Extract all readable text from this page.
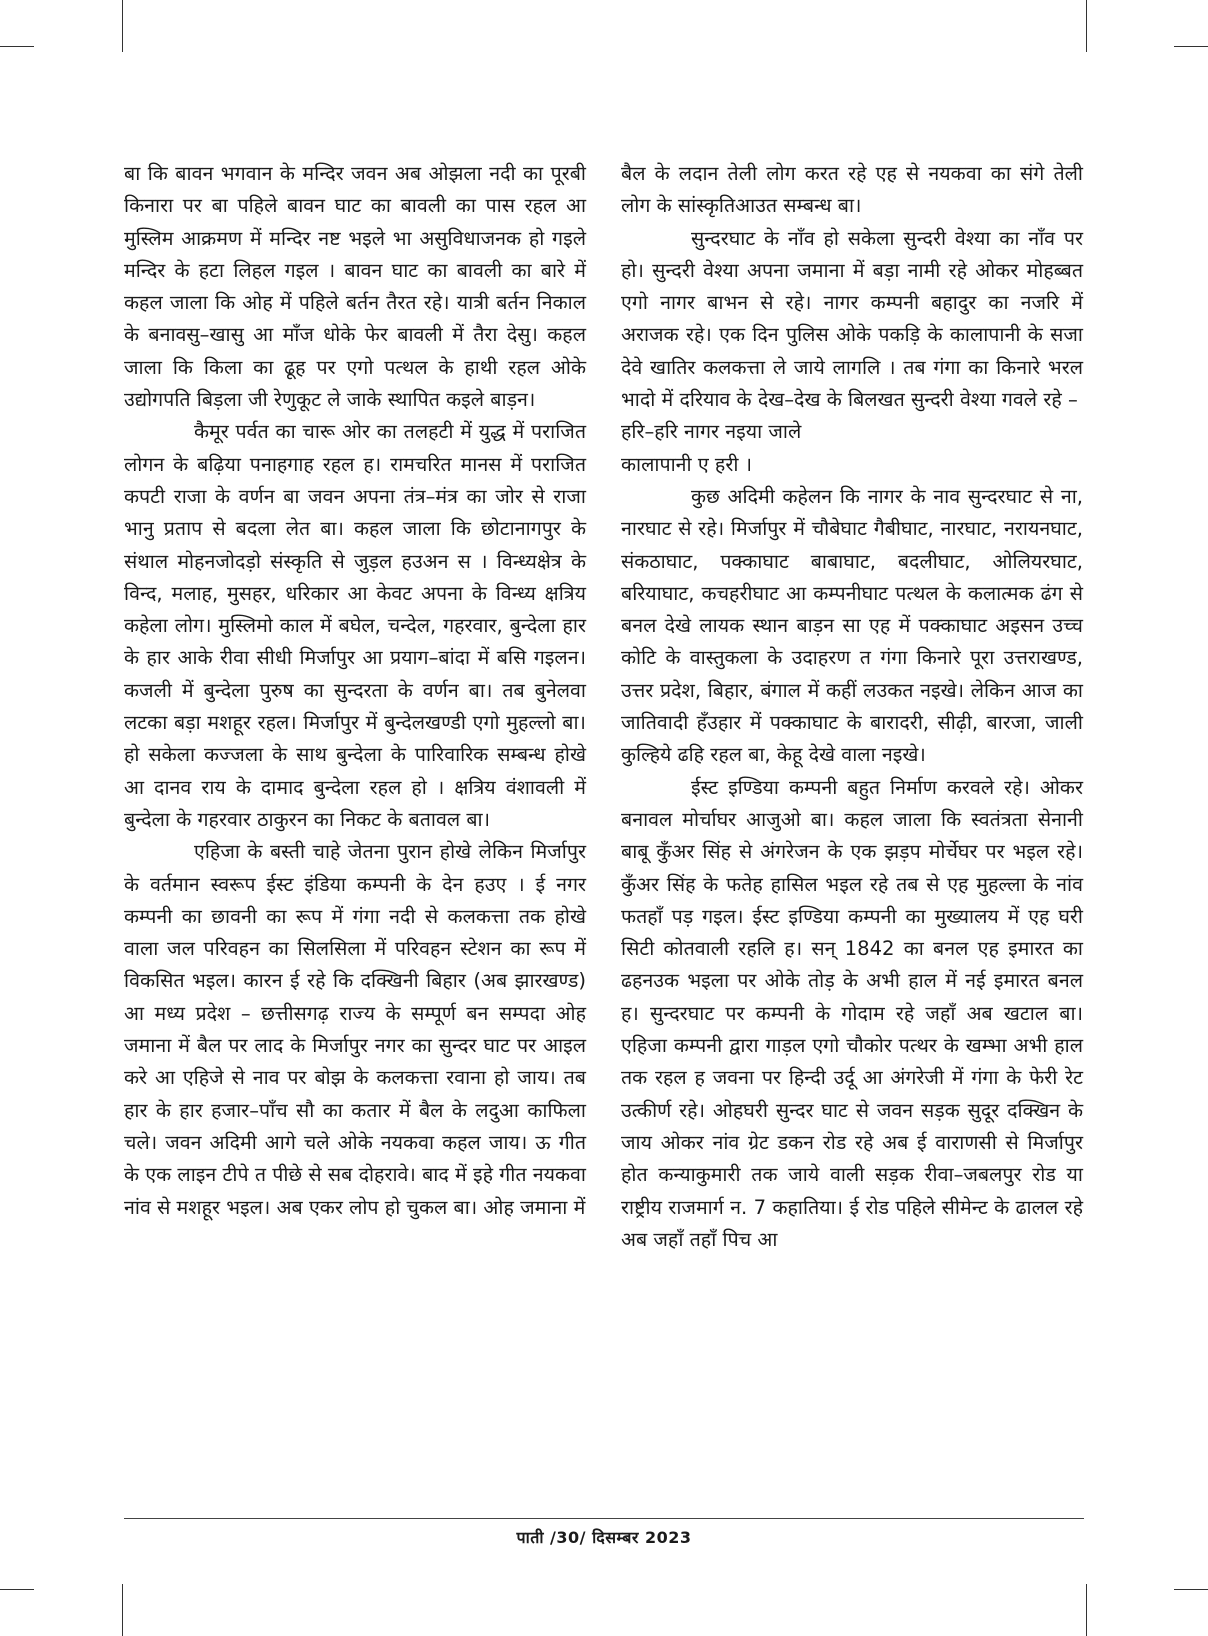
बा कि बावन भगवान के मन्दिर जवन अब ओझला नदी का पूरबी किनारा पर बा पहिले बावन घाट का बावली का पास रहल आ मुस्लिम आक्रमण में मन्दिर नष्ट भइले भा असुविधाजनक हो गइले मन्दिर के हटा लिहल गइल । बावन घाट का बावली का बारे में कहल जाला कि ओह में पहिले बर्तन तैरत रहे। यात्री बर्तन निकाल के बनावसु–खासु आ माँज धोके फेर बावली में तैरा देसु। कहल जाला कि किला का ढूह पर एगो पत्थल के हाथी रहल ओके उद्योगपति बिड़ला जी रेणुकूट ले जाके स्थापित कइले बाड़न।

कैमूर पर्वत का चारू ओर का तलहटी में युद्ध में पराजित लोगन के बढ़िया पनाहगाह रहल ह। रामचरित मानस में पराजित कपटी राजा के वर्णन बा जवन अपना तंत्र–मंत्र का जोर से राजा भानु प्रताप से बदला लेत बा। कहल जाला कि छोटानागपुर के संथाल मोहनजोदड़ो संस्कृति से जुड़ल हउअन स । विन्ध्यक्षेत्र के विन्द, मलाह, मुसहर, धरिकार आ केवट अपना के विन्ध्य क्षत्रिय कहेला लोग। मुस्लिमो काल में बघेल, चन्देल, गहरवार, बुन्देला हार के हार आके रीवा सीधी मिर्जापुर आ प्रयाग–बांदा में बसि गइलन। कजली में बुन्देला पुरुष का सुन्दरता के वर्णन बा। तब बुनेलवा लटका बड़ा मशहूर रहल। मिर्जापुर में बुन्देलखण्डी एगो मुहल्लो बा। हो सकेला कज्जला के साथ बुन्देला के पारिवारिक सम्बन्ध होखे आ दानव राय के दामाद बुन्देला रहल हो । क्षत्रिय वंशावली में बुन्देला के गहरवार ठाकुरन का निकट के बतावल बा।

एहिजा के बस्ती चाहे जेतना पुरान होखे लेकिन मिर्जापुर के वर्तमान स्वरूप ईस्ट इंडिया कम्पनी के देन हउए । ई नगर कम्पनी का छावनी का रूप में गंगा नदी से कलकत्ता तक होखे वाला जल परिवहन का सिलसिला में परिवहन स्टेशन का रूप में विकसित भइल। कारन ई रहे कि दक्खिनी बिहार (अब झारखण्ड) आ मध्य प्रदेश – छत्तीसगढ़ राज्य के सम्पूर्ण बन सम्पदा ओह जमाना में बैल पर लाद के मिर्जापुर नगर का सुन्दर घाट पर आइल करे आ एहिजे से नाव पर बोझ के कलकत्ता रवाना हो जाय। तब हार के हार हजार–पाँच सौ का कतार में बैल के लदुआ काफिला चले। जवन अदिमी आगे चले ओके नयकवा कहल जाय। ऊ गीत के एक लाइन टीपे त पीछे से सब दोहरावे। बाद में इहे गीत नयकवा नांव से मशहूर भइल। अब एकर लोप हो चुकल बा। ओह जमाना में

बैल के लदान तेली लोग करत रहे एह से नयकवा का संगे तेली लोग के सांस्कृतिआउत सम्बन्ध बा।

सुन्दरघाट के नाँव हो सकेला सुन्दरी वेश्या का नाँव पर हो। सुन्दरी वेश्या अपना जमाना में बड़ा नामी रहे ओकर मोहब्बत एगो नागर बाभन से रहे। नागर कम्पनी बहादुर का नजरि में अराजक रहे। एक दिन पुलिस ओके पकड़ि के कालापानी के सजा देवे खातिर कलकत्ता ले जाये लागलि । तब गंगा का किनारे भरल भादो में दरियाव के देख–देख के बिलखत सुन्दरी वेश्या गवले रहे –

हरि–हरि नागर नइया जाले

कालापानी ए हरी ।

कुछ अदिमी कहेलन कि नागर के नाव सुन्दरघाट से ना, नारघाट से रहे। मिर्जापुर में चौबेघाट गैबीघाट, नारघाट, नरायनघाट, संकठाघाट, पक्काघाट बाबाघाट, बदलीघाट, ओलियरघाट, बरियाघाट, कचहरीघाट आ कम्पनीघाट पत्थल के कलात्मक ढंग से बनल देखे लायक स्थान बाड़न सा एह में पक्काघाट अइसन उच्च कोटि के वास्तुकला के उदाहरण त गंगा किनारे पूरा उत्तराखण्ड, उत्तर प्रदेश, बिहार, बंगाल में कहीं लउकत नइखे। लेकिन आज का जातिवादी हँउहार में पक्काघाट के बारादरी, सीढ़ी, बारजा, जाली कुल्हिये ढहि रहल बा, केहू देखे वाला नइखे।

ईस्ट इण्डिया कम्पनी बहुत निर्माण करवले रहे। ओकर बनावल मोर्चाघर आजुओ बा। कहल जाला कि स्वतंत्रता सेनानी बाबू कुँअर सिंह से अंगरेजन के एक झड़प मोर्चेघर पर भइल रहे। कुँअर सिंह के फतेह हासिल भइल रहे तब से एह मुहल्ला के नांव फतहाँ पड़ गइल। ईस्ट इण्डिया कम्पनी का मुख्यालय में एह घरी सिटी कोतवाली रहलि ह। सन् 1842 का बनल एह इमारत का ढहनउक भइला पर ओके तोड़ के अभी हाल में नई इमारत बनल ह। सुन्दरघाट पर कम्पनी के गोदाम रहे जहाँ अब खटाल बा। एहिजा कम्पनी द्वारा गाड़ल एगो चौकोर पत्थर के खम्भा अभी हाल तक रहल ह जवना पर हिन्दी उर्दू आ अंगरेजी में गंगा के फेरी रेट उत्कीर्ण रहे। ओहघरी सुन्दर घाट से जवन सड़क सुदूर दक्खिन के जाय ओकर नांव ग्रेट डकन रोड रहे अब ई वाराणसी से मिर्जापुर होत कन्याकुमारी तक जाये वाली सड़क रीवा–जबलपुर रोड या राष्ट्रीय राजमार्ग न. 7 कहातिया। ई रोड पहिले सीमेन्ट के ढालल रहे अब जहाँ तहाँ पिच आ

पाती /30/ दिसम्बर 2023
